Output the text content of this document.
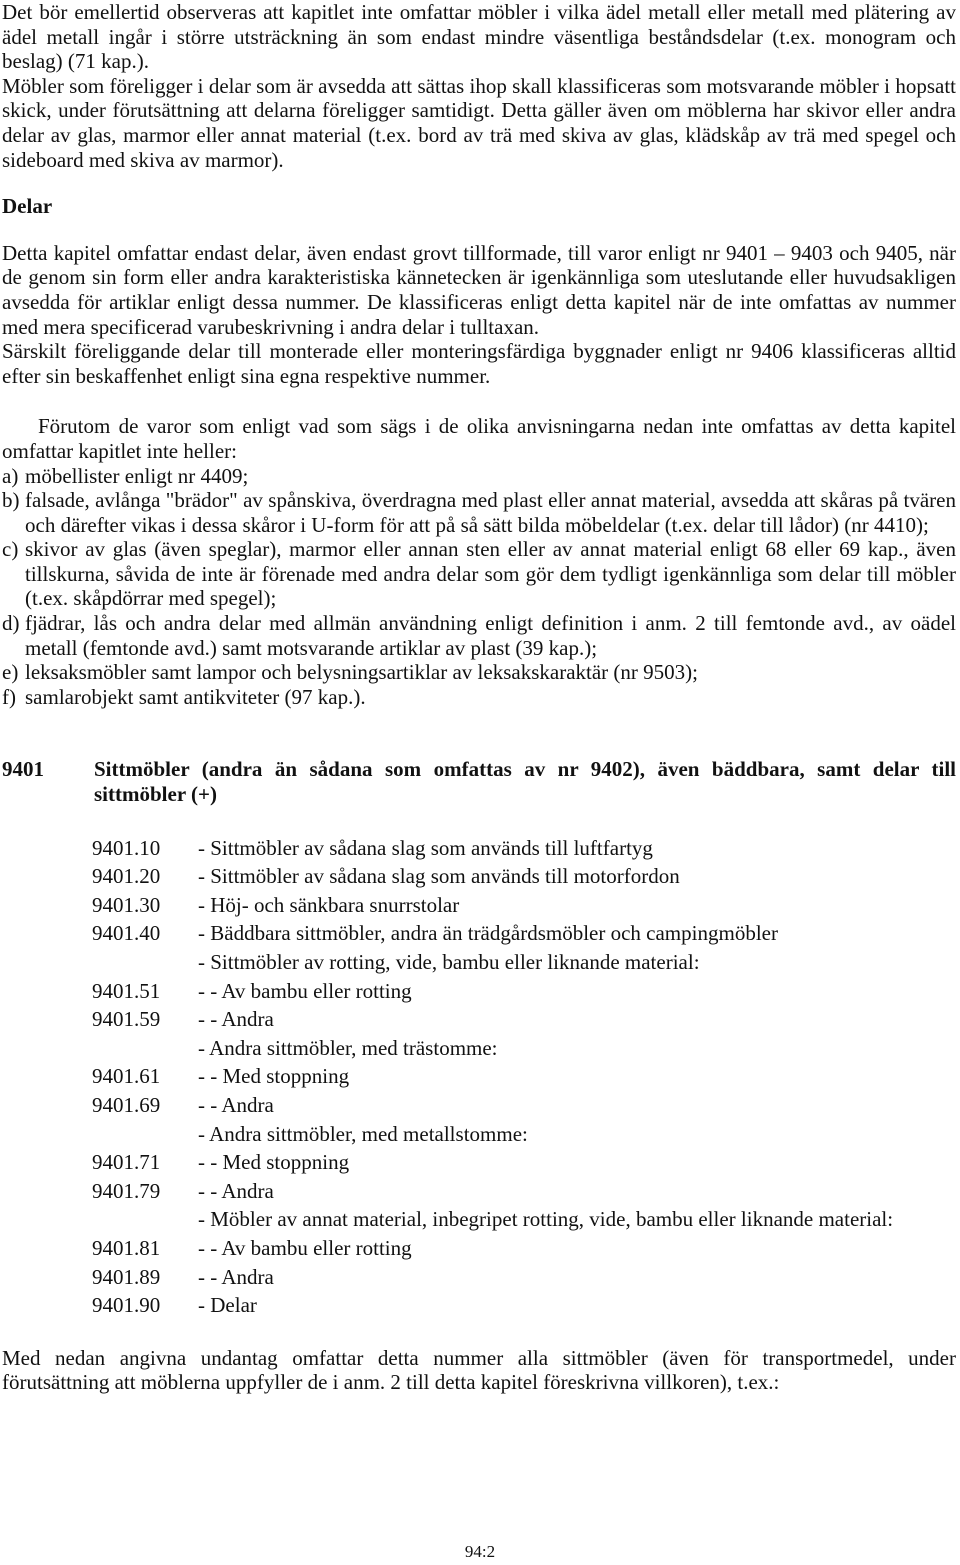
Det bör emellertid observeras att kapitlet inte omfattar möbler i vilka ädel metall eller metall med plätering av ädel metall ingår i större utsträckning än som endast mindre väsentliga beståndsdelar (t.ex. monogram och beslag) (71 kap.).

Möbler som föreligger i delar som är avsedda att sättas ihop skall klassificeras som motsvarande möbler i hopsatt skick, under förutsättning att delarna föreligger samtidigt. Detta gäller även om möblerna har skivor eller andra delar av glas, marmor eller annat material (t.ex. bord av trä med skiva av glas, klädskåp av trä med spegel och sideboard med skiva av marmor).

Delar

Detta kapitel omfattar endast delar, även endast grovt tillformade, till varor enligt nr 9401 – 9403 och 9405, när de genom sin form eller andra karakteristiska kännetecken är igenkännliga som uteslutande eller huvudsakligen avsedda för artiklar enligt dessa nummer. De klassificeras enligt detta kapitel när de inte omfattas av nummer med mera specificerad varubeskrivning i andra delar i tulltaxan.

Särskilt föreliggande delar till monterade eller monteringsfärdiga byggnader enligt nr 9406 klassificeras alltid efter sin beskaffenhet enligt sina egna respektive nummer.

Förutom de varor som enligt vad som sägs i de olika anvisningarna nedan inte omfattas av detta kapitel omfattar kapitlet inte heller:

a) möbellister enligt nr 4409;
b) falsade, avlånga "brädor" av spånskiva, överdragna med plast eller annat material, avsedda att skåras på tvären och därefter vikas i dessa skåror i U-form för att på så sätt bilda möbeldelar (t.ex. delar till lådor) (nr 4410);
c) skivor av glas (även speglar), marmor eller annan sten eller av annat material enligt 68 eller 69 kap., även tillskurna, såvida de inte är förenade med andra delar som gör dem tydligt igenkännliga som delar till möbler (t.ex. skåpdörrar med spegel);
d) fjädrar, lås och andra delar med allmän användning enligt definition i anm. 2 till femtonde avd., av oädel metall (femtonde avd.) samt motsvarande artiklar av plast (39 kap.);
e) leksaksmöbler samt lampor och belysningsartiklar av leksakskaraktär (nr 9503);
f) samlarobjekt samt antikviteter (97 kap.).
9401	Sittmöbler (andra än sådana som omfattas av nr 9402), även bäddbara, samt delar till sittmöbler (+)
9401.10	- Sittmöbler av sådana slag som används till luftfartyg
9401.20	- Sittmöbler av sådana slag som används till motorfordon
9401.30	- Höj- och sänkbara snurrstolar
9401.40	- Bäddbara sittmöbler, andra än trädgårdsmöbler och campingmöbler
- Sittmöbler av rotting, vide, bambu eller liknande material:
9401.51	- - Av bambu eller rotting
9401.59	- - Andra
- Andra sittmöbler, med trästomme:
9401.61	- - Med stoppning
9401.69	- - Andra
- Andra sittmöbler, med metallstomme:
9401.71	- - Med stoppning
9401.79	- - Andra
- Möbler av annat material, inbegripet rotting, vide, bambu eller liknande material:
9401.81	- - Av bambu eller rotting
9401.89	- - Andra
9401.90	- Delar

Med nedan angivna undantag omfattar detta nummer alla sittmöbler (även för transportmedel, under förutsättning att möblerna uppfyller de i anm. 2 till detta kapitel föreskrivna villkoren), t.ex.:

94:2
